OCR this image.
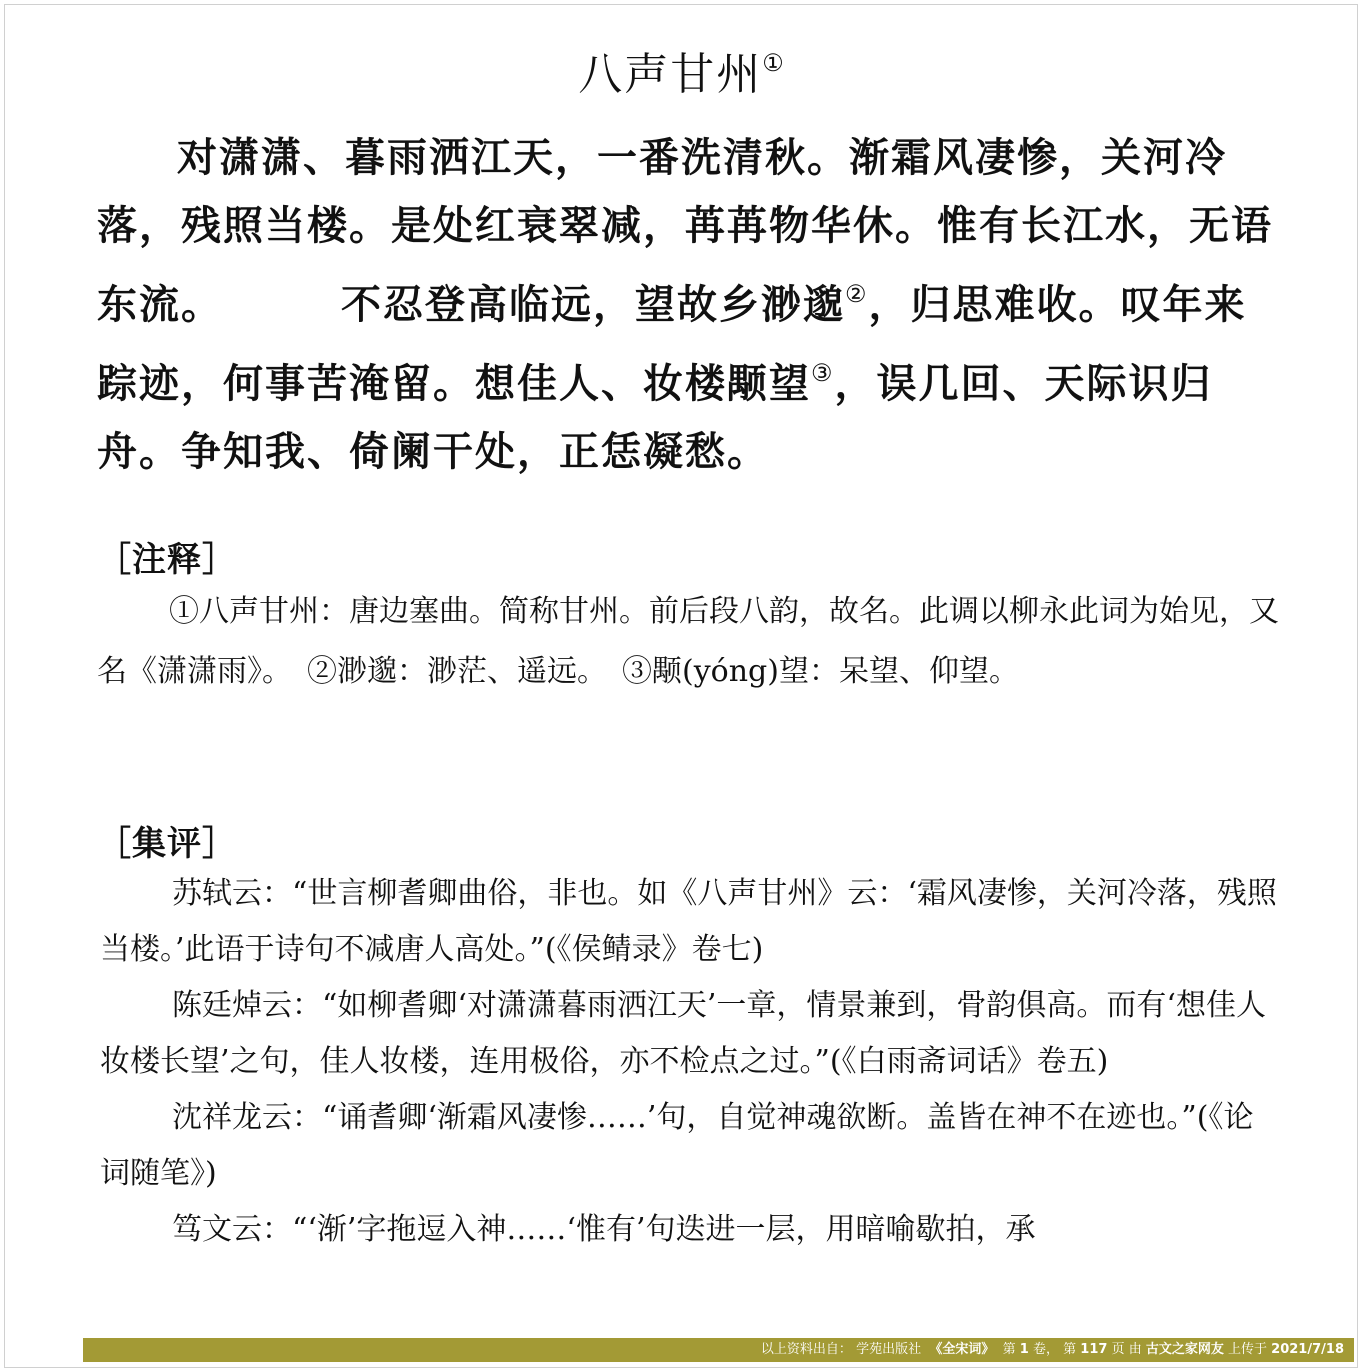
八声甘州①

对潇潇、暮雨洒江天，一番洗清秋。渐霜风凄惨，关河冷落，残照当楼。是处红衰翠减，苒苒物华休。惟有长江水，无语东流。	不忍登高临远，望故乡渺邈②，归思难收。叹年来踪迹，何事苦淹留。想佳人、妆楼颙望③，误几回、天际识归舟。争知我、倚阑干处，正恁凝愁。

［注释］

①八声甘州：唐边塞曲。简称甘州。前后段八韵，故名。此调以柳永此词为始见，又名《潇潇雨》。　②渺邈：渺茫、遥远。　③颙(yóng)望：呆望、仰望。

［集评］

苏轼云：“世言柳耆卿曲俗，非也。如《八声甘州》云：‘霜风凄惨，关河冷落，残照当楼。’此语于诗句不减唐人高处。”(《侯鲭录》卷七)

陈廷焯云：“如柳耆卿‘对潇潇暮雨洒江天’一章，情景兼到，骨韵俱高。而有‘想佳人妆楼长望’之句，佳人妆楼，连用极俗，亦不检点之过。”(《白雨斋词话》卷五)

沈祥龙云：“诵耆卿‘渐霜风凄惨……’句，自觉神魂欲断。盖皆在神不在迹也。”(《论词随笔》)

笃文云：“‘渐’字拖逗入神……‘惟有’句迭进一层，用暗喻歇拍，承

以上资料出自： 学苑出版社 《全宋词》 第 1 卷， 第 117 页 由 古文之家网友 上传于 2021/7/18
